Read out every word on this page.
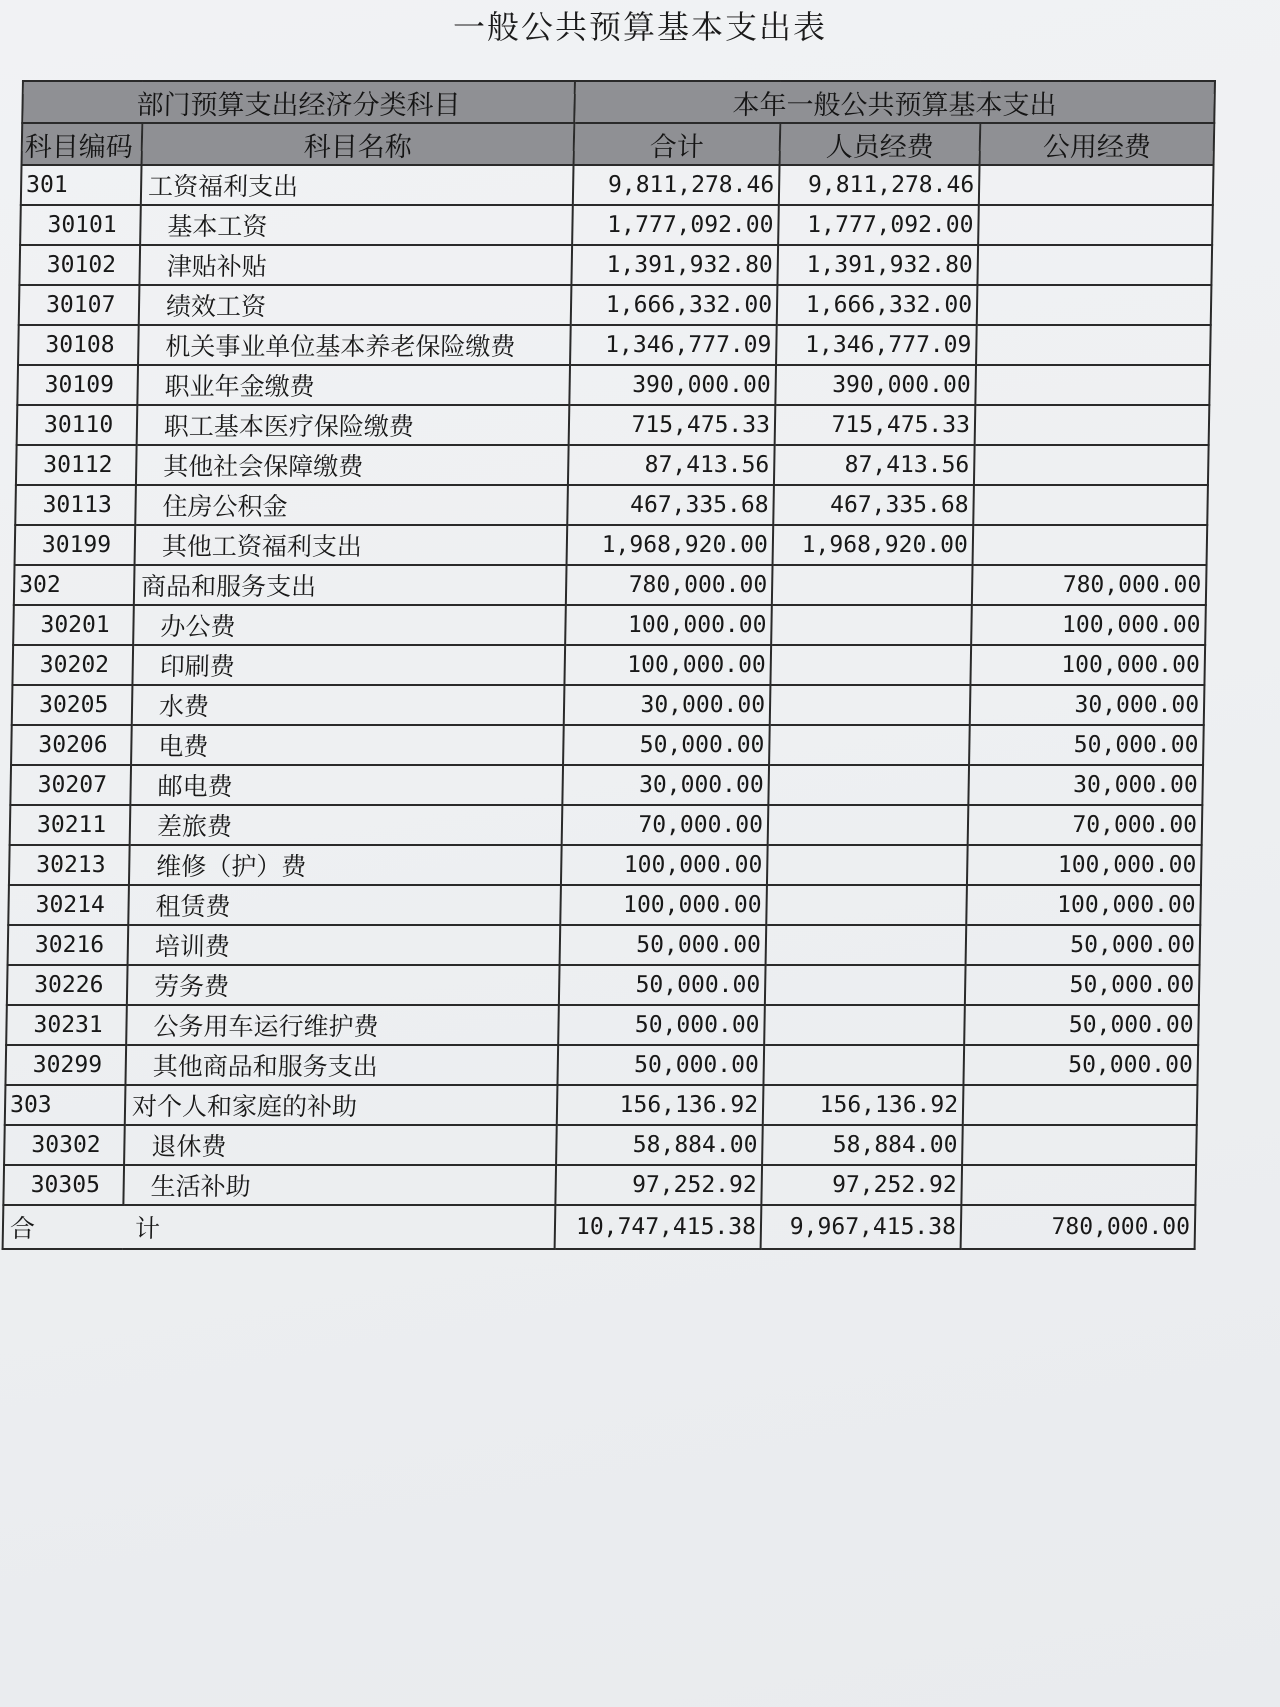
一般公共预算基本支出表
部门预算支出经济分类科目		本年一般公共预算基本支出		
科目编码	科目名称	合计	人员经费	公用经费
301	工资福利支出	9,811,278.46	9,811,278.46	
30101	基本工资	1,777,092.00	1,777,092.00	
30102	津贴补贴	1,391,932.80	1,391,932.80	
30107	绩效工资	1,666,332.00	1,666,332.00	
30108	机关事业单位基本养老保险缴费	1,346,777.09	1,346,777.09	
30109	职业年金缴费	390,000.00	390,000.00	
30110	职工基本医疗保险缴费	715,475.33	715,475.33	
30112	其他社会保障缴费	87,413.56	87,413.56	
30113	住房公积金	467,335.68	467,335.68	
30199	其他工资福利支出	1,968,920.00	1,968,920.00	
302	商品和服务支出	780,000.00		780,000.00
30201	办公费	100,000.00		100,000.00
30202	印刷费	100,000.00		100,000.00
30205	水费	30,000.00		30,000.00
30206	电费	50,000.00		50,000.00
30207	邮电费	30,000.00		30,000.00
30211	差旅费	70,000.00		70,000.00
30213	维修（护）费	100,000.00		100,000.00
30214	租赁费	100,000.00		100,000.00
30216	培训费	50,000.00		50,000.00
30226	劳务费	50,000.00		50,000.00
30231	公务用车运行维护费	50,000.00		50,000.00
30299	其他商品和服务支出	50,000.00		50,000.00
303	对个人和家庭的补助	156,136.92	156,136.92	
30302	退休费	58,884.00	58,884.00	
30305	生活补助	97,252.92	97,252.92	
合 计		10,747,415.38	9,967,415.38	780,000.00
